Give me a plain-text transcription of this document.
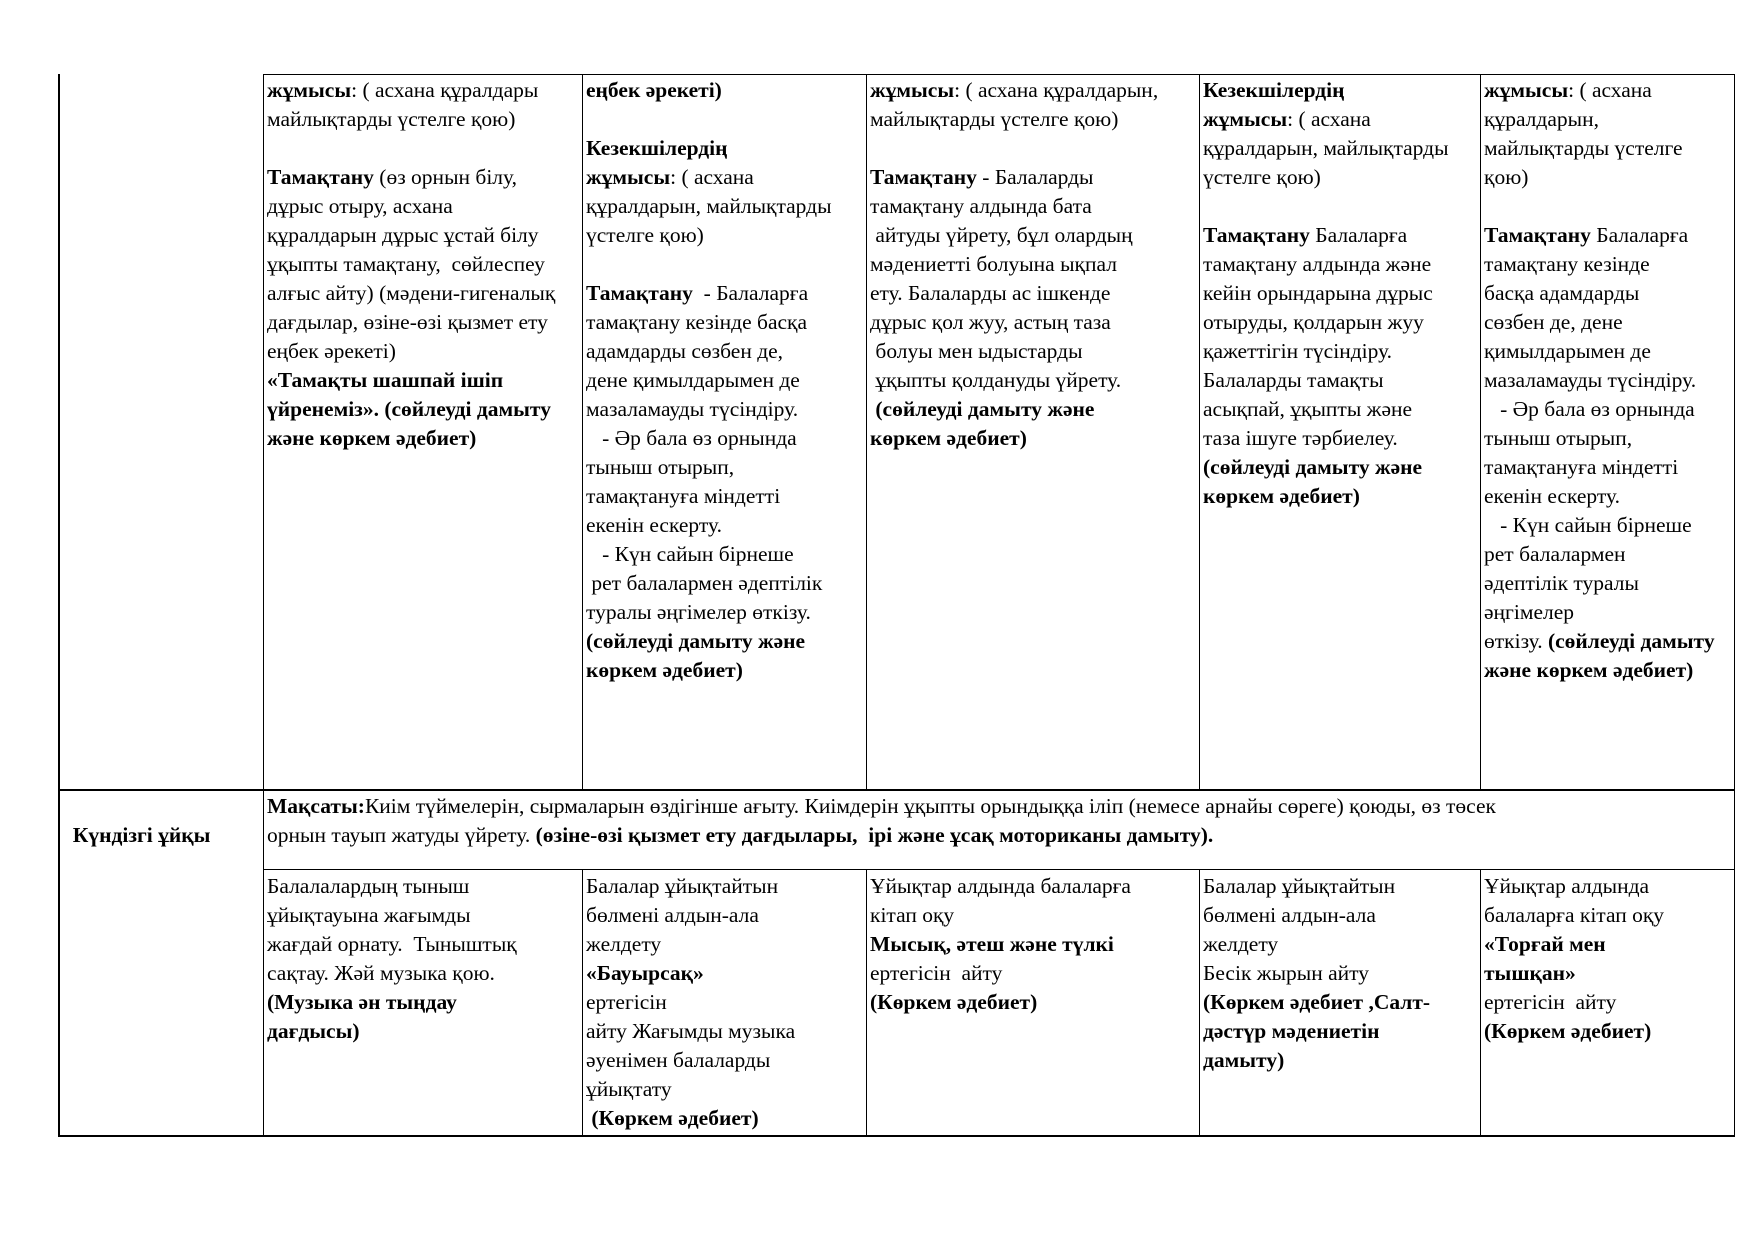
жұмысы: ( асхана құралдары
майлықтарды үстелге қою)

Тамақтану (өз орнын білу,
дұрыс отыру, асхана
құралдарын дұрыс ұстай білу
ұқыпты тамақтану,  сөйлеспеу
алғыс айту) (мәдени-гигеналық
дағдылар, өзіне-өзі қызмет ету
еңбек әрекеті)
«Тамақты шашпай ішіп
үйренеміз». (сөйлеуді дамыту
және көркем әдебиет)
еңбек әрекеті)

Кезекшілердің
жұмысы: ( асхана
құралдарын, майлықтарды
үстелге қою)

Тамақтану  - Балаларға
тамақтану кезінде басқа
адамдарды сөзбен де,
дене қимылдарымен де
мазаламауды түсіндіру.
- Әр бала өз орнында
тыныш отырып,
тамақтануға міндетті
екенін ескерту.
- Күн сайын бірнеше
рет балалармен әдептілік
туралы әңгімелер өткізу.
(сөйлеуді дамыту және
көркем әдебиет)
жұмысы: ( асхана құралдарын,
майлықтарды үстелге қою)

Тамақтану - Балаларды
тамақтану алдында бата
айтуды үйрету, бұл олардың
мәдениетті болуына ықпал
ету. Балаларды ас ішкенде
дұрыс қол жуу, астың таза
болуы мен ыдыстарды
ұқыпты қолдануды үйрету.
(сөйлеуді дамыту және
көркем әдебиет)
Кезекшілердің
жұмысы: ( асхана
құралдарын, майлықтарды
үстелге қою)

Тамақтану Балаларға
тамақтану алдында және
кейін орындарына дұрыс
отыруды, қолдарын жуу
қажеттігін түсіндіру.
Балаларды тамақты
асықпай, ұқыпты және
таза ішуге тәрбиелеу.
(сөйлеуді дамыту және
көркем әдебиет)
жұмысы: ( асхана
құралдарын,
майлықтарды үстелге
қою)

Тамақтану Балаларға
тамақтану кезінде
басқа адамдарды
сөзбен де, дене
қимылдарымен де
мазаламауды түсіндіру.
- Әр бала өз орнында
тыныш отырып,
тамақтануға міндетті
екенін ескерту.
- Күн сайын бірнеше
рет балалармен
әдептілік туралы
әңгімелер
өткізу. (сөйлеуді дамыту
және көркем әдебиет)

Күндізгі ұйқы

Мақсаты:Киім түймелерін, сырмаларын өздігінше ағыту. Киімдерін ұқыпты орындыққа іліп (немесе арнайы сөреге) қоюды, өз төсек
орнын тауып жатуды үйрету. (өзіне-өзі қызмет ету дағдылары,  ірі және ұсақ моториканы дамыту).
Балалалардың тыныш
ұйықтауына жағымды
жағдай орнату.  Тыныштық
сақтау. Жәй музыка қою.
(Музыка ән тыңдау
дағдысы)
Балалар ұйықтайтын
бөлмені алдын-ала
желдету
«Бауырсақ»
ертегісін
айту Жағымды музыка
әуенімен балаларды
ұйықтату
(Көркем әдебиет)
Ұйықтар алдында балаларға
кітап оқу
Мысық, әтеш және түлкі
ертегісін  айту
(Көркем әдебиет)
Балалар ұйықтайтын
бөлмені алдын-ала
желдету
Бесік жырын айту
(Көркем әдебиет ,Салт-
дәстүр мәдениетін
дамыту)
Ұйықтар алдында
балаларға кітап оқу
«Торғай мен
тышқан»
ертегісін  айту
(Көркем әдебиет)
